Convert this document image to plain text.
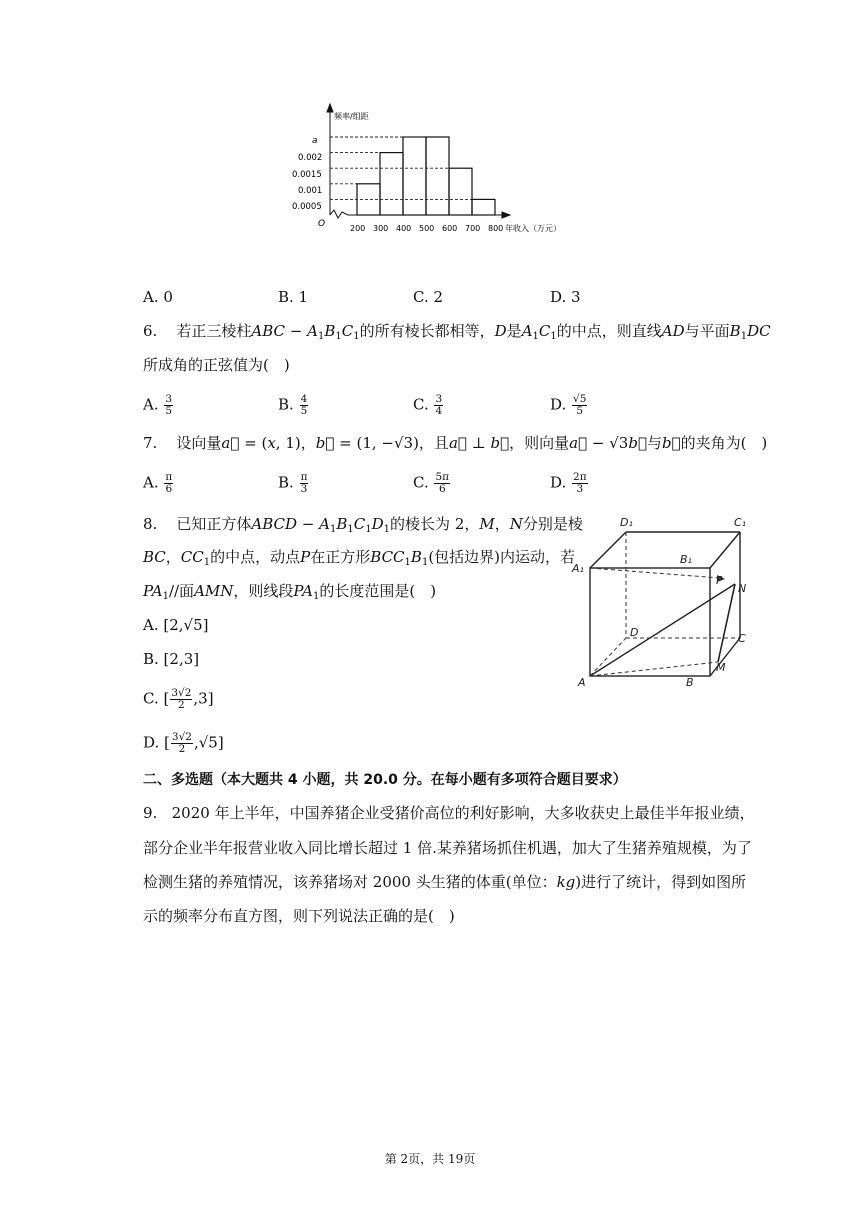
频率/组距
a
0.002
0.0015
0.001
0.0005
O	200 300 400 500 600 700 800 年收入（万元）
A. 0	B. 1	C. 2	D. 3
6. 若正三棱柱ABC − $A_1B_1C_1$的所有棱长都相等，D是$A_1C_1$的中点，则直线AD与平面$B_1DC$
所成角的正弦值为(　)
A. $\frac{3}{5}$	B. $\frac{4}{5}$	C. $\frac{3}{4}$	D. $\frac{√5}{5}$
7. 设向量a⃗ = (x, 1)，b⃗ = (1, −√3)，且a⃗ ⊥ b⃗，则向量a⃗ − √3b⃗与b⃗的夹角为(　)
A. $\frac{\pi}{6}$	B. $\frac{\pi}{3}$	C. $\frac{5\pi}{6}$	D. $\frac{2\pi}{3}$
8. 已知正方体ABCD − $A_1B_1C_1D_1$的棱长为 2，M，N分别是棱
BC，$CC_1$的中点，动点P在正方形$BCC_1B_1$(包括边界)内运动，若
$PA_1//$面AMN，则线段$PA_1$的长度范围是(　)
A. [2,√5]
B. [2,3]
C. [ $\frac{3√2}{2} ,3$]
D. [ $\frac{3√2}{2} ,√5$]
D₁	C₁
A₁
B₁
P
N
D	C
A	B
M
二、多选题（本大题共 4 小题，共 20.0 分。在每小题有多项符合题目要求）
9. 2020 年上半年，中国养猪企业受猪价高位的利好影响，大多收获史上最佳半年报业绩，
部分企业半年报营业收入同比增长超过 1 倍.某养猪场抓住机遇，加大了生猪养殖规模，为了
检测生猪的养殖情况，该养猪场对 2000 头生猪的体重(单位：kg)进行了统计，得到如图所
示的频率分布直方图，则下列说法正确的是(　)
第 2页，共 19页
